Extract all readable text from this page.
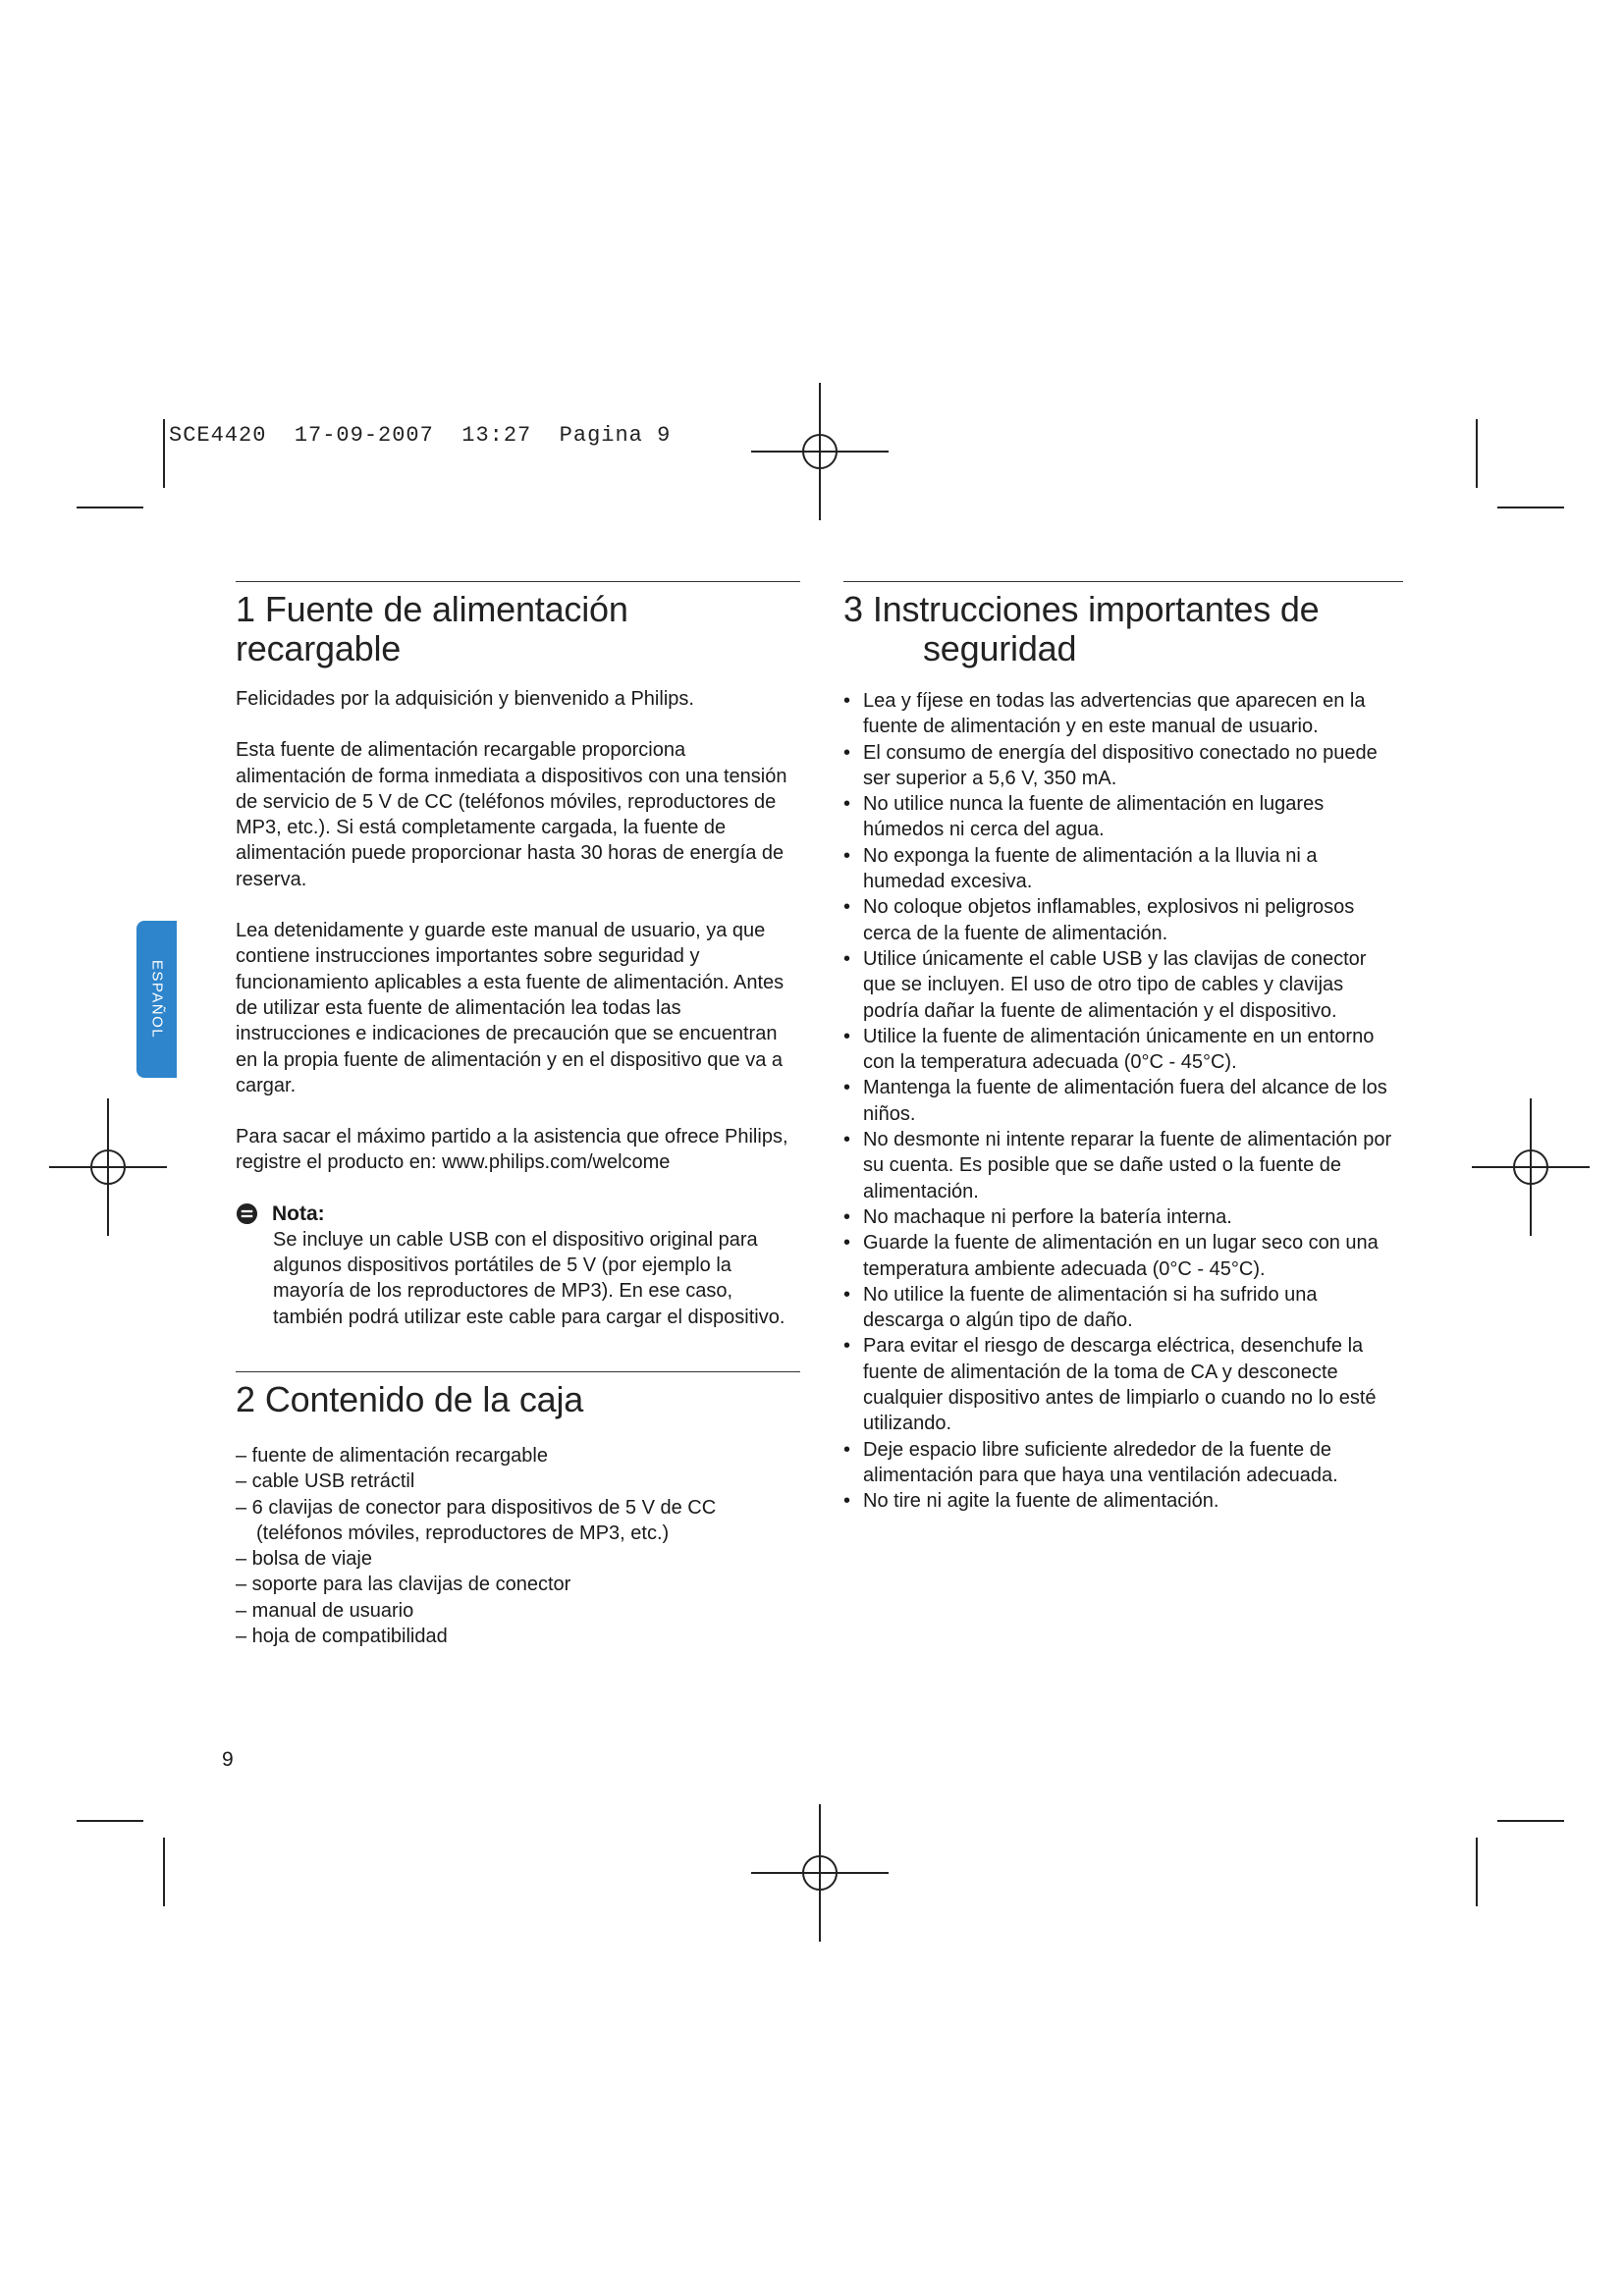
SCE4420  17-09-2007  13:27  Pagina 9
ESPAÑOL
1 Fuente de alimentación recargable

Felicidades por la adquisición y bienvenido a Philips.

Esta fuente de alimentación recargable proporciona alimentación de forma inmediata a dispositivos con una tensión de servicio de 5 V de CC (teléfonos móviles, reproductores de MP3, etc.). Si está completamente cargada, la fuente de alimentación puede proporcionar hasta 30 horas de energía de reserva.

Lea detenidamente y guarde este manual de usuario, ya que contiene instrucciones importantes sobre seguridad y funcionamiento aplicables a esta fuente de alimentación. Antes de utilizar esta fuente de alimentación lea todas las instrucciones e indicaciones de precaución que se encuentran en la propia fuente de alimentación y en el dispositivo que va a cargar.

Para sacar el máximo partido a la asistencia que ofrece Philips, registre el producto en: www.philips.com/welcome

Nota:
Se incluye un cable USB con el dispositivo original para algunos dispositivos portátiles de 5 V (por ejemplo la mayoría de los reproductores de MP3). En ese caso, también podrá utilizar este cable para cargar el dispositivo.
2 Contenido de la caja
– fuente de alimentación recargable
– cable USB retráctil
– 6 clavijas de conector para dispositivos de 5 V de CC (teléfonos móviles, reproductores de MP3, etc.)
– bolsa de viaje
– soporte para las clavijas de conector
– manual de usuario
– hoja de compatibilidad
3 Instrucciones importantes de seguridad
• Lea y fíjese en todas las advertencias que aparecen en la fuente de alimentación y en este manual de usuario.
• El consumo de energía del dispositivo conectado no puede ser superior a 5,6 V, 350 mA.
• No utilice nunca la fuente de alimentación en lugares húmedos ni cerca del agua.
• No exponga la fuente de alimentación a la lluvia ni a humedad excesiva.
• No coloque objetos inflamables, explosivos ni peligrosos cerca de la fuente de alimentación.
• Utilice únicamente el cable USB y las clavijas de conector que se incluyen. El uso de otro tipo de cables y clavijas podría dañar la fuente de alimentación y el dispositivo.
• Utilice la fuente de alimentación únicamente en un entorno con la temperatura adecuada (0°C - 45°C).
• Mantenga la fuente de alimentación fuera del alcance de los niños.
• No desmonte ni intente reparar la fuente de alimentación por su cuenta. Es posible que se dañe usted o la fuente de alimentación.
• No machaque ni perfore la batería interna.
• Guarde la fuente de alimentación en un lugar seco con una temperatura ambiente adecuada (0°C - 45°C).
• No utilice la fuente de alimentación si ha sufrido una descarga o algún tipo de daño.
• Para evitar el riesgo de descarga eléctrica, desenchufe la fuente de alimentación de la toma de CA y desconecte cualquier dispositivo antes de limpiarlo o cuando no lo esté utilizando.
• Deje espacio libre suficiente alrededor de la fuente de alimentación para que haya una ventilación adecuada.
• No tire ni agite la fuente de alimentación.
9
